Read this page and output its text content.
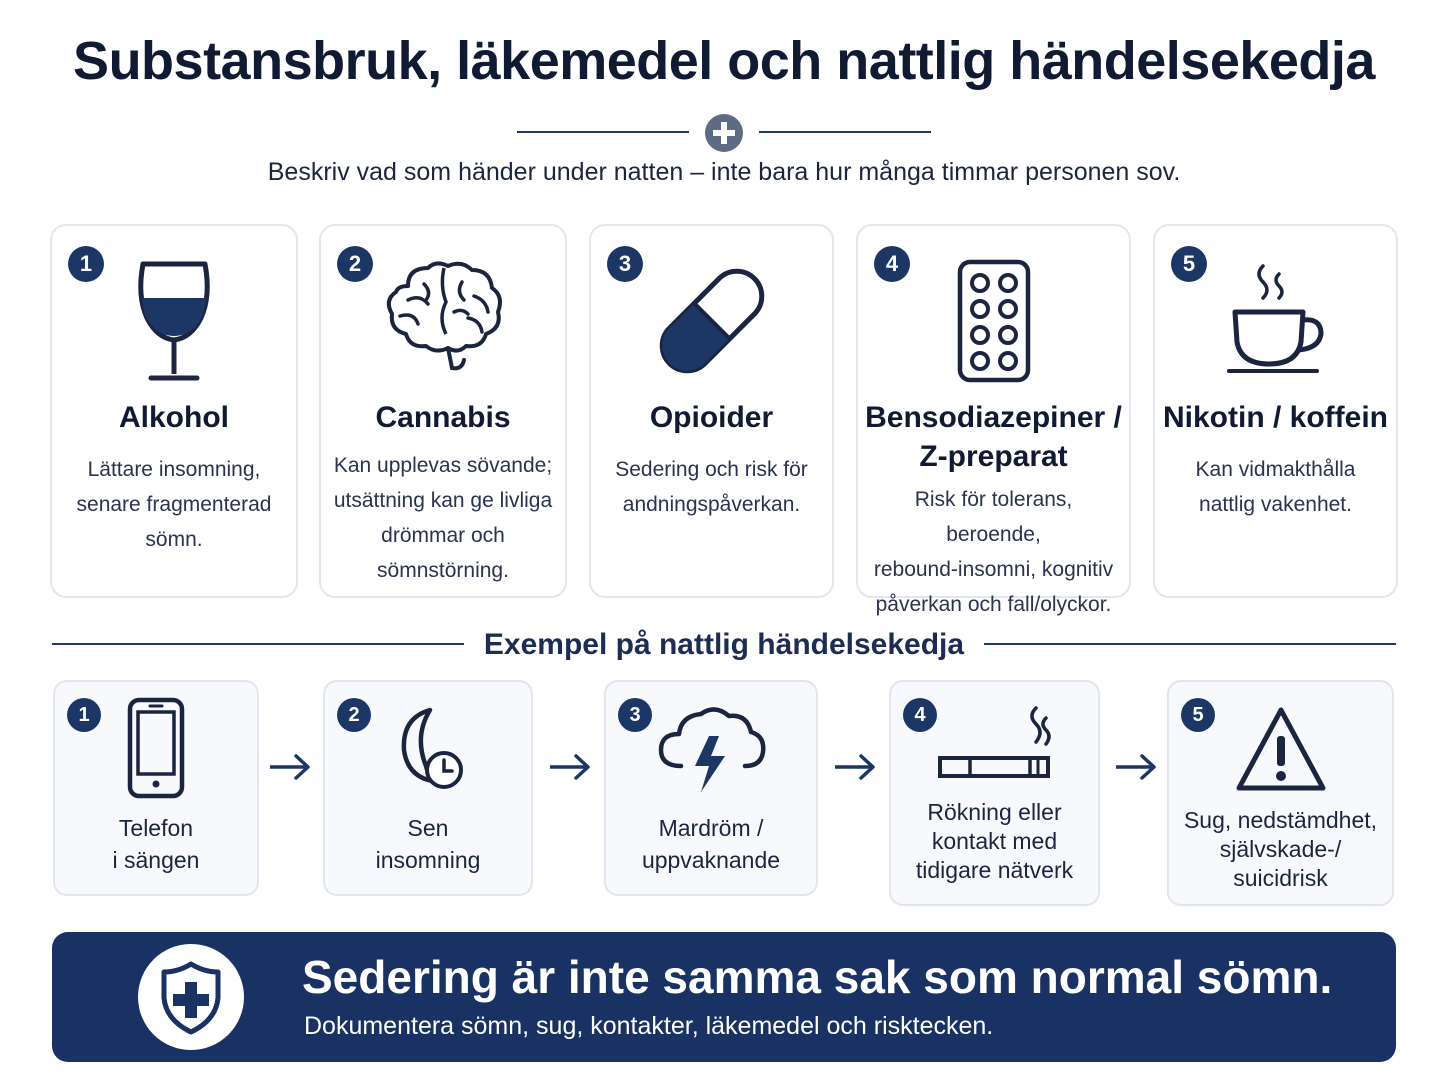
Substansbruk, läkemedel och nattlig händelsekedja
Beskriv vad som händer under natten – inte bara hur många timmar personen sov.
1
Alkohol
Lättare insomning,
senare fragmenterad sömn.
2
Cannabis
Kan upplevas sövande;
utsättning kan ge livliga
drömmar och
sömnstörning.
3
Opioider
Sedering och risk för
andningspåverkan.
4
Bensodiazepiner /
Z-preparat
Risk för tolerans, beroende,
rebound-insomni, kognitiv
påverkan och fall/olyckor.
5
Nikotin / koffein
Kan vidmakthålla
nattlig vakenhet.
Exempel på nattlig händelsekedja
1
Telefon
i sängen
2
Sen
insomning
3
Mardröm /
uppvaknande
4
Rökning eller
kontakt med
tidigare nätverk
5
Sug, nedstämdhet,
självskade-/
suicidrisk
Sedering är inte samma sak som normal sömn.
Dokumentera sömn, sug, kontakter, läkemedel och risktecken.
